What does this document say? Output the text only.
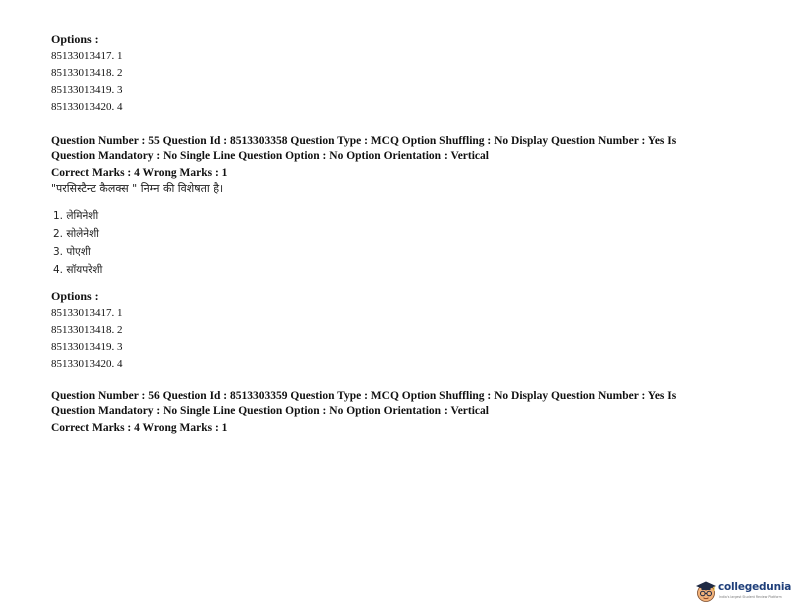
Options :
85133013417. 1
85133013418. 2
85133013419. 3
85133013420. 4
Question Number : 55 Question Id : 8513303358 Question Type : MCQ Option Shuffling : No Display Question Number : Yes Is
Question Mandatory : No Single Line Question Option : No Option Orientation : Vertical
Correct Marks : 4 Wrong Marks : 1
"परसिस्टैन्ट कैलक्स " निम्न की विशेषता है।
1. लेमिनेशी
2. सोलेनेशी
3. पोएशी
4. सॉयपरेशी
Options :
85133013417. 1
85133013418. 2
85133013419. 3
85133013420. 4
Question Number : 56 Question Id : 8513303359 Question Type : MCQ Option Shuffling : No Display Question Number : Yes Is
Question Mandatory : No Single Line Question Option : No Option Orientation : Vertical
Correct Marks : 4 Wrong Marks : 1
collegedunia
India's largest Student Review Platform
